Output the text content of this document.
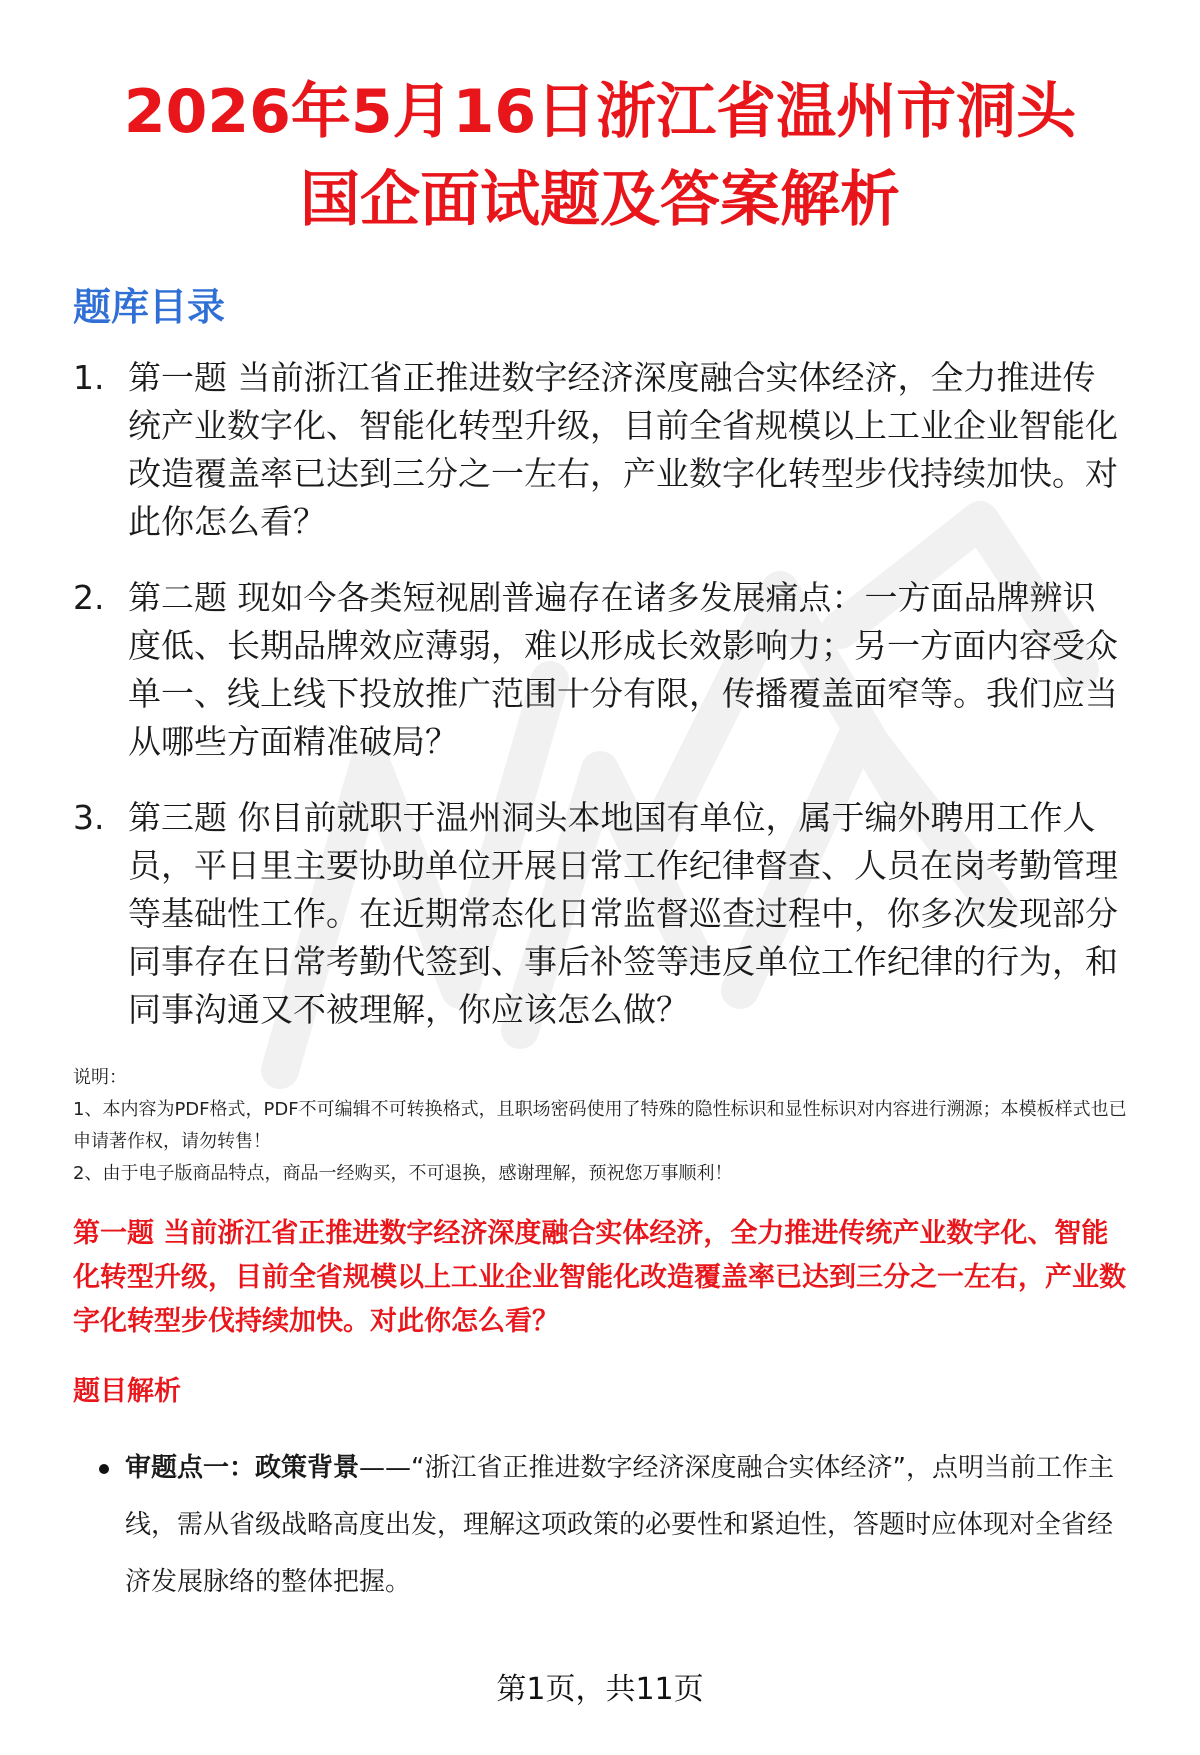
2026年5月16日浙江省温州市洞头
国企面试题及答案解析
题库目录
1. 第一题 当前浙江省正推进数字经济深度融合实体经济，全力推进传统产业数字化、智能化转型升级，目前全省规模以上工业企业智能化改造覆盖率已达到三分之一左右，产业数字化转型步伐持续加快。对此你怎么看？
2. 第二题 现如今各类短视剧普遍存在诸多发展痛点：一方面品牌辨识度低、长期品牌效应薄弱，难以形成长效影响力；另一方面内容受众单一、线上线下投放推广范围十分有限，传播覆盖面窄等。我们应当从哪些方面精准破局？
3. 第三题 你目前就职于温州洞头本地国有单位，属于编外聘用工作人员，平日里主要协助单位开展日常工作纪律督查、人员在岗考勤管理等基础性工作。在近期常态化日常监督巡查过程中，你多次发现部分同事存在日常考勤代签到、事后补签等违反单位工作纪律的行为，和同事沟通又不被理解，你应该怎么做？

说明：

1、本内容为PDF格式，PDF不可编辑不可转换格式，且职场密码使用了特殊的隐性标识和显性标识对内容进行溯源；本模板样式也已申请著作权，请勿转售！

2、由于电子版商品特点，商品一经购买，不可退换，感谢理解，预祝您万事顺利！

第一题 当前浙江省正推进数字经济深度融合实体经济，全力推进传统产业数字化、智能化转型升级，目前全省规模以上工业企业智能化改造覆盖率已达到三分之一左右，产业数字化转型步伐持续加快。对此你怎么看？
题目解析
审题点一：政策背景——“浙江省正推进数字经济深度融合实体经济”，点明当前工作主线，需从省级战略高度出发，理解这项政策的必要性和紧迫性，答题时应体现对全省经济发展脉络的整体把握。
第1页，共11页
